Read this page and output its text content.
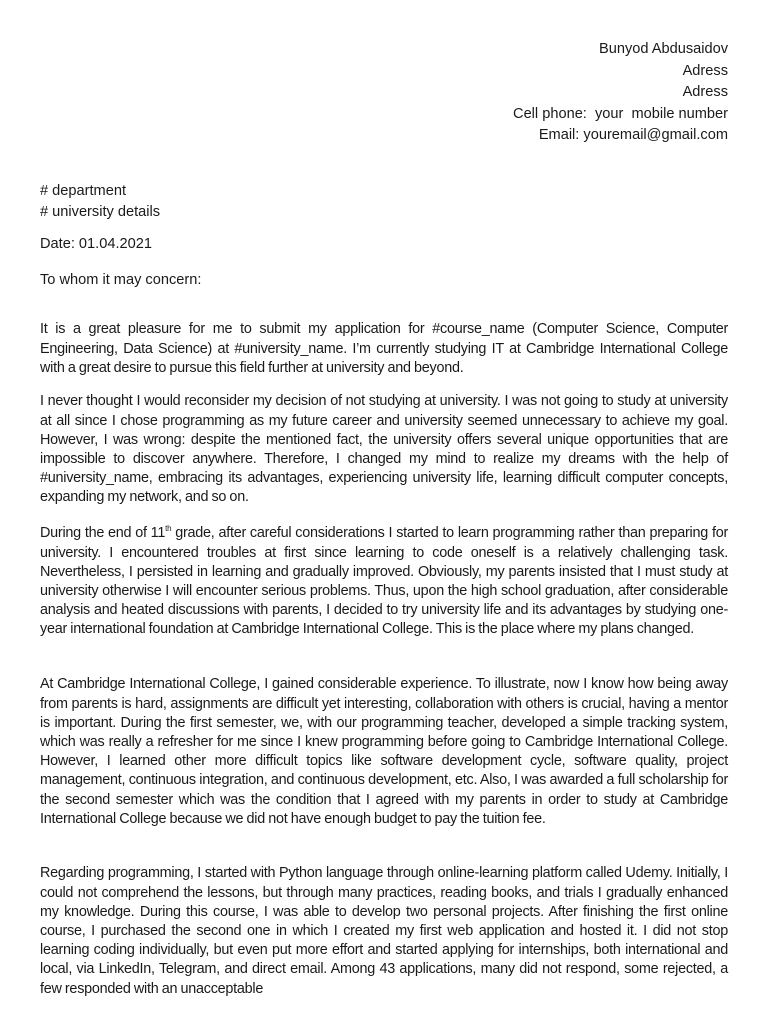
Bunyod Abdusaidov
Adress
Adress
Cell phone:  your  mobile number
Email: youremail@gmail.com
# department
# university details
Date: 01.04.2021
To whom it may concern:

It is a great pleasure for me to submit my application for #course_name (Computer Science, Computer Engineering, Data Science) at #university_name. I’m currently studying IT at Cambridge International College with a great desire to pursue this field further at university and beyond.

I never thought I would reconsider my decision of not studying at university. I was not going to study at university at all since I chose programming as my future career and university seemed unnecessary to achieve my goal. However, I was wrong: despite the mentioned fact, the university offers several unique opportunities that are impossible to discover anywhere. Therefore, I changed my mind to realize my dreams with the help of #university_name, embracing its advantages, experiencing university life, learning difficult computer concepts, expanding my network, and so on.

During the end of 11th grade, after careful considerations I started to learn programming rather than preparing for university. I encountered troubles at first since learning to code oneself is a relatively challenging task. Nevertheless, I persisted in learning and gradually improved. Obviously, my parents insisted that I must study at university otherwise I will encounter serious problems. Thus, upon the high school graduation, after considerable analysis and heated discussions with parents, I decided to try university life and its advantages by studying one-year international foundation at Cambridge International College. This is the place where my plans changed.

At Cambridge International College, I gained considerable experience. To illustrate, now I know how being away from parents is hard, assignments are difficult yet interesting, collaboration with others is crucial, having a mentor is important. During the first semester, we, with our programming teacher, developed a simple tracking system, which was really a refresher for me since I knew programming before going to Cambridge International College. However, I learned other more difficult topics like software development cycle, software quality, project management, continuous integration, and continuous development, etc. Also, I was awarded a full scholarship for the second semester which was the condition that I agreed with my parents in order to study at Cambridge International College because we did not have enough budget to pay the tuition fee.

Regarding programming, I started with Python language through online-learning platform called Udemy. Initially, I could not comprehend the lessons, but through many practices, reading books, and trials I gradually enhanced my knowledge. During this course, I was able to develop two personal projects. After finishing the first online course, I purchased the second one in which I created my first web application and hosted it. I did not stop learning coding individually, but even put more effort and started applying for internships, both international and local, via LinkedIn, Telegram, and direct email. Among 43 applications, many did not respond, some rejected, a few responded with an unacceptable
